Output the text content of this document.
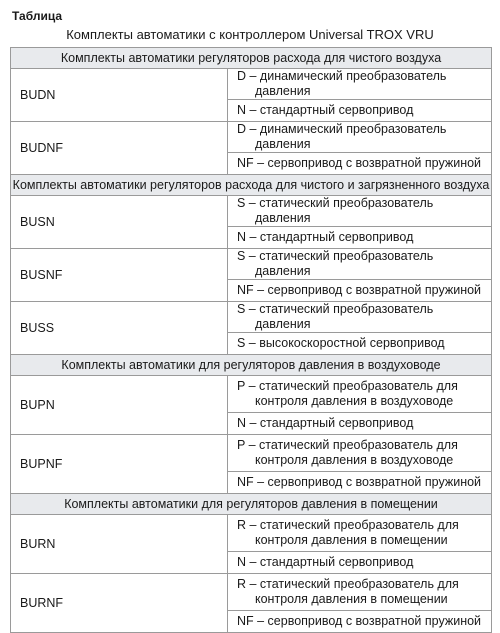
Таблица
Комплекты автоматики с контроллером Universal TROX VRU
Комплекты автоматики регуляторов расхода для чистого воздуха	
BUDN	D – динамический преобразователь давления

	N – стандартный сервопривод

BUDNF	D – динамический преобразователь давления

	NF – сервопривод с возвратной пружиной

Комплекты автоматики регуляторов расхода для чистого и загрязненного воздуха	
BUSN	S – статический преобразователь давления

	N – стандартный сервопривод

BUSNF	S – статический преобразователь давления

	NF – сервопривод с возвратной пружиной

BUSS	S – статический преобразователь давления

	S – высокоскоростной сервопривод

Комплекты автоматики для регуляторов давления в воздуховоде	
BUPN	P – статический преобразователь для контроля давления в воздуховоде

	N – стандартный сервопривод

BUPNF	P – статический преобразователь для контроля давления в воздуховоде

	NF – сервопривод с возвратной пружиной

Комплекты автоматики для регуляторов давления в помещении	
BURN	R – статический преобразователь для контроля давления в помещении

	N – стандартный сервопривод

BURNF	R – статический преобразователь для контроля давления в помещении

	NF – сервопривод с возвратной пружиной
